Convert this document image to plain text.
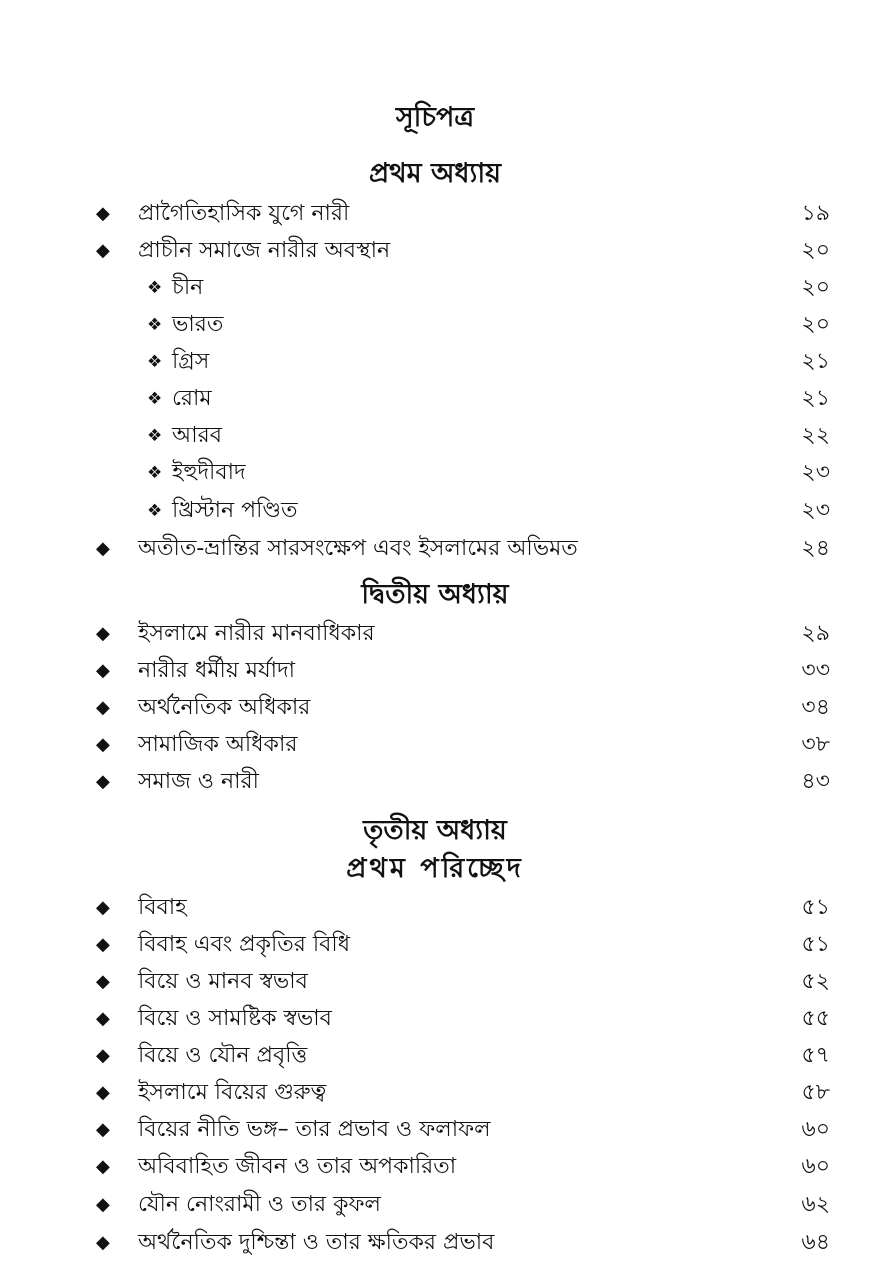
সূচিপত্র
প্রথম অধ্যায়
◆ প্রাগৈতিহাসিক যুগে নারী	১৯
◆ প্রাচীন সমাজে নারীর অবস্থান	২০
❖ চীন	২০
❖ ভারত	২০
❖ গ্রিস	২১
❖ রোম	২১
❖ আরব	২২
❖ ইহুদীবাদ	২৩
❖ খ্রিস্টান পণ্ডিত	২৩
◆ অতীত-ভ্রান্তির সারসংক্ষেপ এবং ইসলামের অভিমত	২৪
দ্বিতীয় অধ্যায়
◆ ইসলামে নারীর মানবাধিকার	২৯
◆ নারীর ধর্মীয় মর্যাদা	৩৩
◆ অর্থনৈতিক অধিকার	৩৪
◆ সামাজিক অধিকার	৩৮
◆ সমাজ ও নারী	৪৩
তৃতীয় অধ্যায়
প্রথম পরিচ্ছেদ
◆ বিবাহ	৫১
◆ বিবাহ এবং প্রকৃতির বিধি	৫১
◆ বিয়ে ও মানব স্বভাব	৫২
◆ বিয়ে ও সামষ্টিক স্বভাব	৫৫
◆ বিয়ে ও যৌন প্রবৃত্তি	৫৭
◆ ইসলামে বিয়ের গুরুত্ব	৫৮
◆ বিয়ের নীতি ভঙ্গ– তার প্রভাব ও ফলাফল	৬০
◆ অবিবাহিত জীবন ও তার অপকারিতা	৬০
◆ যৌন নোংরামী ও তার কুফল	৬২
◆ অর্থনৈতিক দুশ্চিন্তা ও তার ক্ষতিকর প্রভাব	৬৪
